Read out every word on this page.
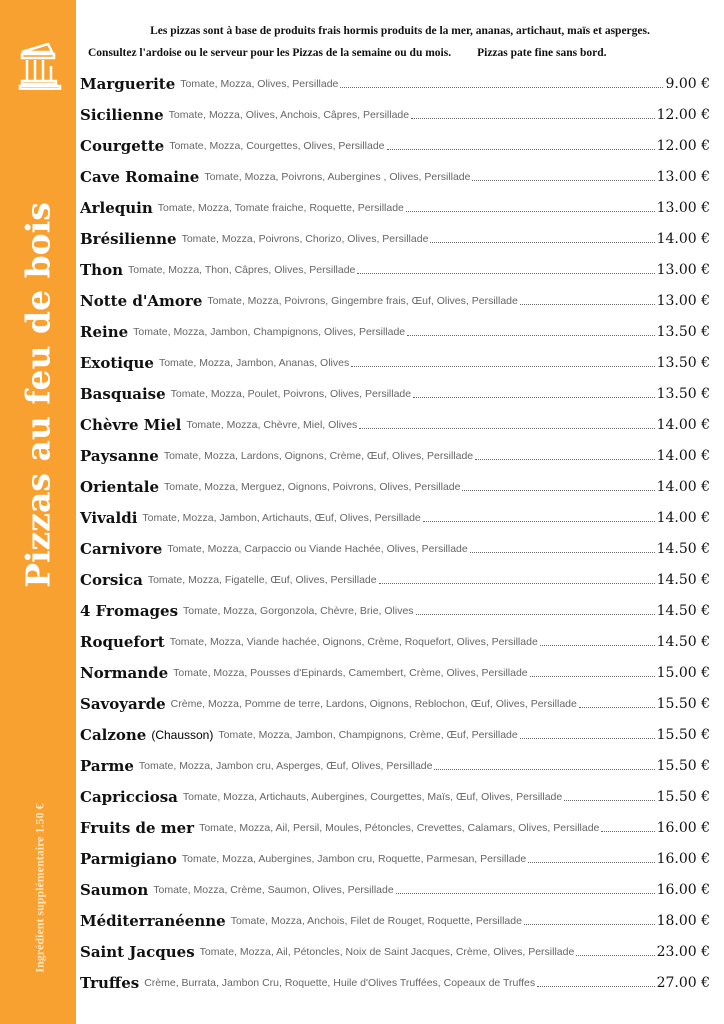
Pizzas au feu de bois
Ingrédient supplémentaire 1.50 €
Les pizzas sont à base de produits frais hormis produits de la mer, ananas, artichaut, maïs et asperges.
Consultez l'ardoise ou le serveur pour les Pizzas de la semaine ou du mois. Pizzas pate fine sans bord.
Marguerite Tomate, Mozza, Olives, Persillade	9.00 €
Sicilienne Tomate, Mozza, Olives, Anchois, Câpres, Persillade	12.00 €
Courgette Tomate, Mozza, Courgettes, Olives, Persillade	12.00 €
Cave Romaine Tomate, Mozza, Poivrons, Aubergines , Olives, Persillade	13.00 €
Arlequin Tomate, Mozza, Tomate fraiche, Roquette, Persillade	13.00 €
Brésilienne Tomate, Mozza, Poivrons, Chorizo, Olives, Persillade	14.00 €
Thon Tomate, Mozza, Thon, Câpres, Olives, Persillade	13.00 €
Notte d'Amore Tomate, Mozza, Poivrons, Gingembre frais, Œuf, Olives, Persillade	13.00 €
Reine Tomate, Mozza, Jambon, Champignons, Olives, Persillade	13.50 €
Exotique Tomate, Mozza, Jambon, Ananas, Olives	13.50 €
Basquaise Tomate, Mozza, Poulet, Poivrons, Olives, Persillade	13.50 €
Chèvre Miel Tomate, Mozza, Chèvre, Miel, Olives	14.00 €
Paysanne Tomate, Mozza, Lardons, Oignons, Crème, Œuf, Olives, Persillade	14.00 €
Orientale Tomate, Mozza, Merguez, Oignons, Poivrons, Olives, Persillade	14.00 €
Vivaldi Tomate, Mozza, Jambon, Artichauts, Œuf, Olives, Persillade	14.00 €
Carnivore Tomate, Mozza, Carpaccio ou Viande Hachée, Olives, Persillade	14.50 €
Corsica Tomate, Mozza, Figatelle, Œuf, Olives, Persillade	14.50 €
4 Fromages Tomate, Mozza, Gorgonzola, Chèvre, Brie, Olives	14.50 €
Roquefort Tomate, Mozza, Viande hachée, Oignons, Crème, Roquefort, Olives, Persillade	14.50 €
Normande Tomate, Mozza, Pousses d'Epinards, Camembert, Crème, Olives, Persillade	15.00 €
Savoyarde Crème, Mozza, Pomme de terre, Lardons, Oignons, Reblochon, Œuf, Olives, Persillade	15.50 €
Calzone (Chausson) Tomate, Mozza, Jambon, Champignons, Crème, Œuf, Persillade	15.50 €
Parme Tomate, Mozza, Jambon cru, Asperges, Œuf, Olives, Persillade	15.50 €
Capricciosa Tomate, Mozza, Artichauts, Aubergines, Courgettes, Maïs, Œuf, Olives, Persillade	15.50 €
Fruits de mer Tomate, Mozza, Ail, Persil, Moules, Pétoncles, Crevettes, Calamars, Olives, Persillade	16.00 €
Parmigiano Tomate, Mozza, Aubergines, Jambon cru, Roquette, Parmesan, Persillade	16.00 €
Saumon Tomate, Mozza, Crème, Saumon, Olives, Persillade	16.00 €
Méditerranéenne Tomate, Mozza, Anchois, Filet de Rouget, Roquette, Persillade	18.00 €
Saint Jacques Tomate, Mozza, Ail, Pétoncles, Noix de Saint Jacques, Crème, Olives, Persillade	23.00 €
Truffes Crème, Burrata, Jambon Cru, Roquette, Huile d'Olives Truffées, Copeaux de Truffes	27.00 €
